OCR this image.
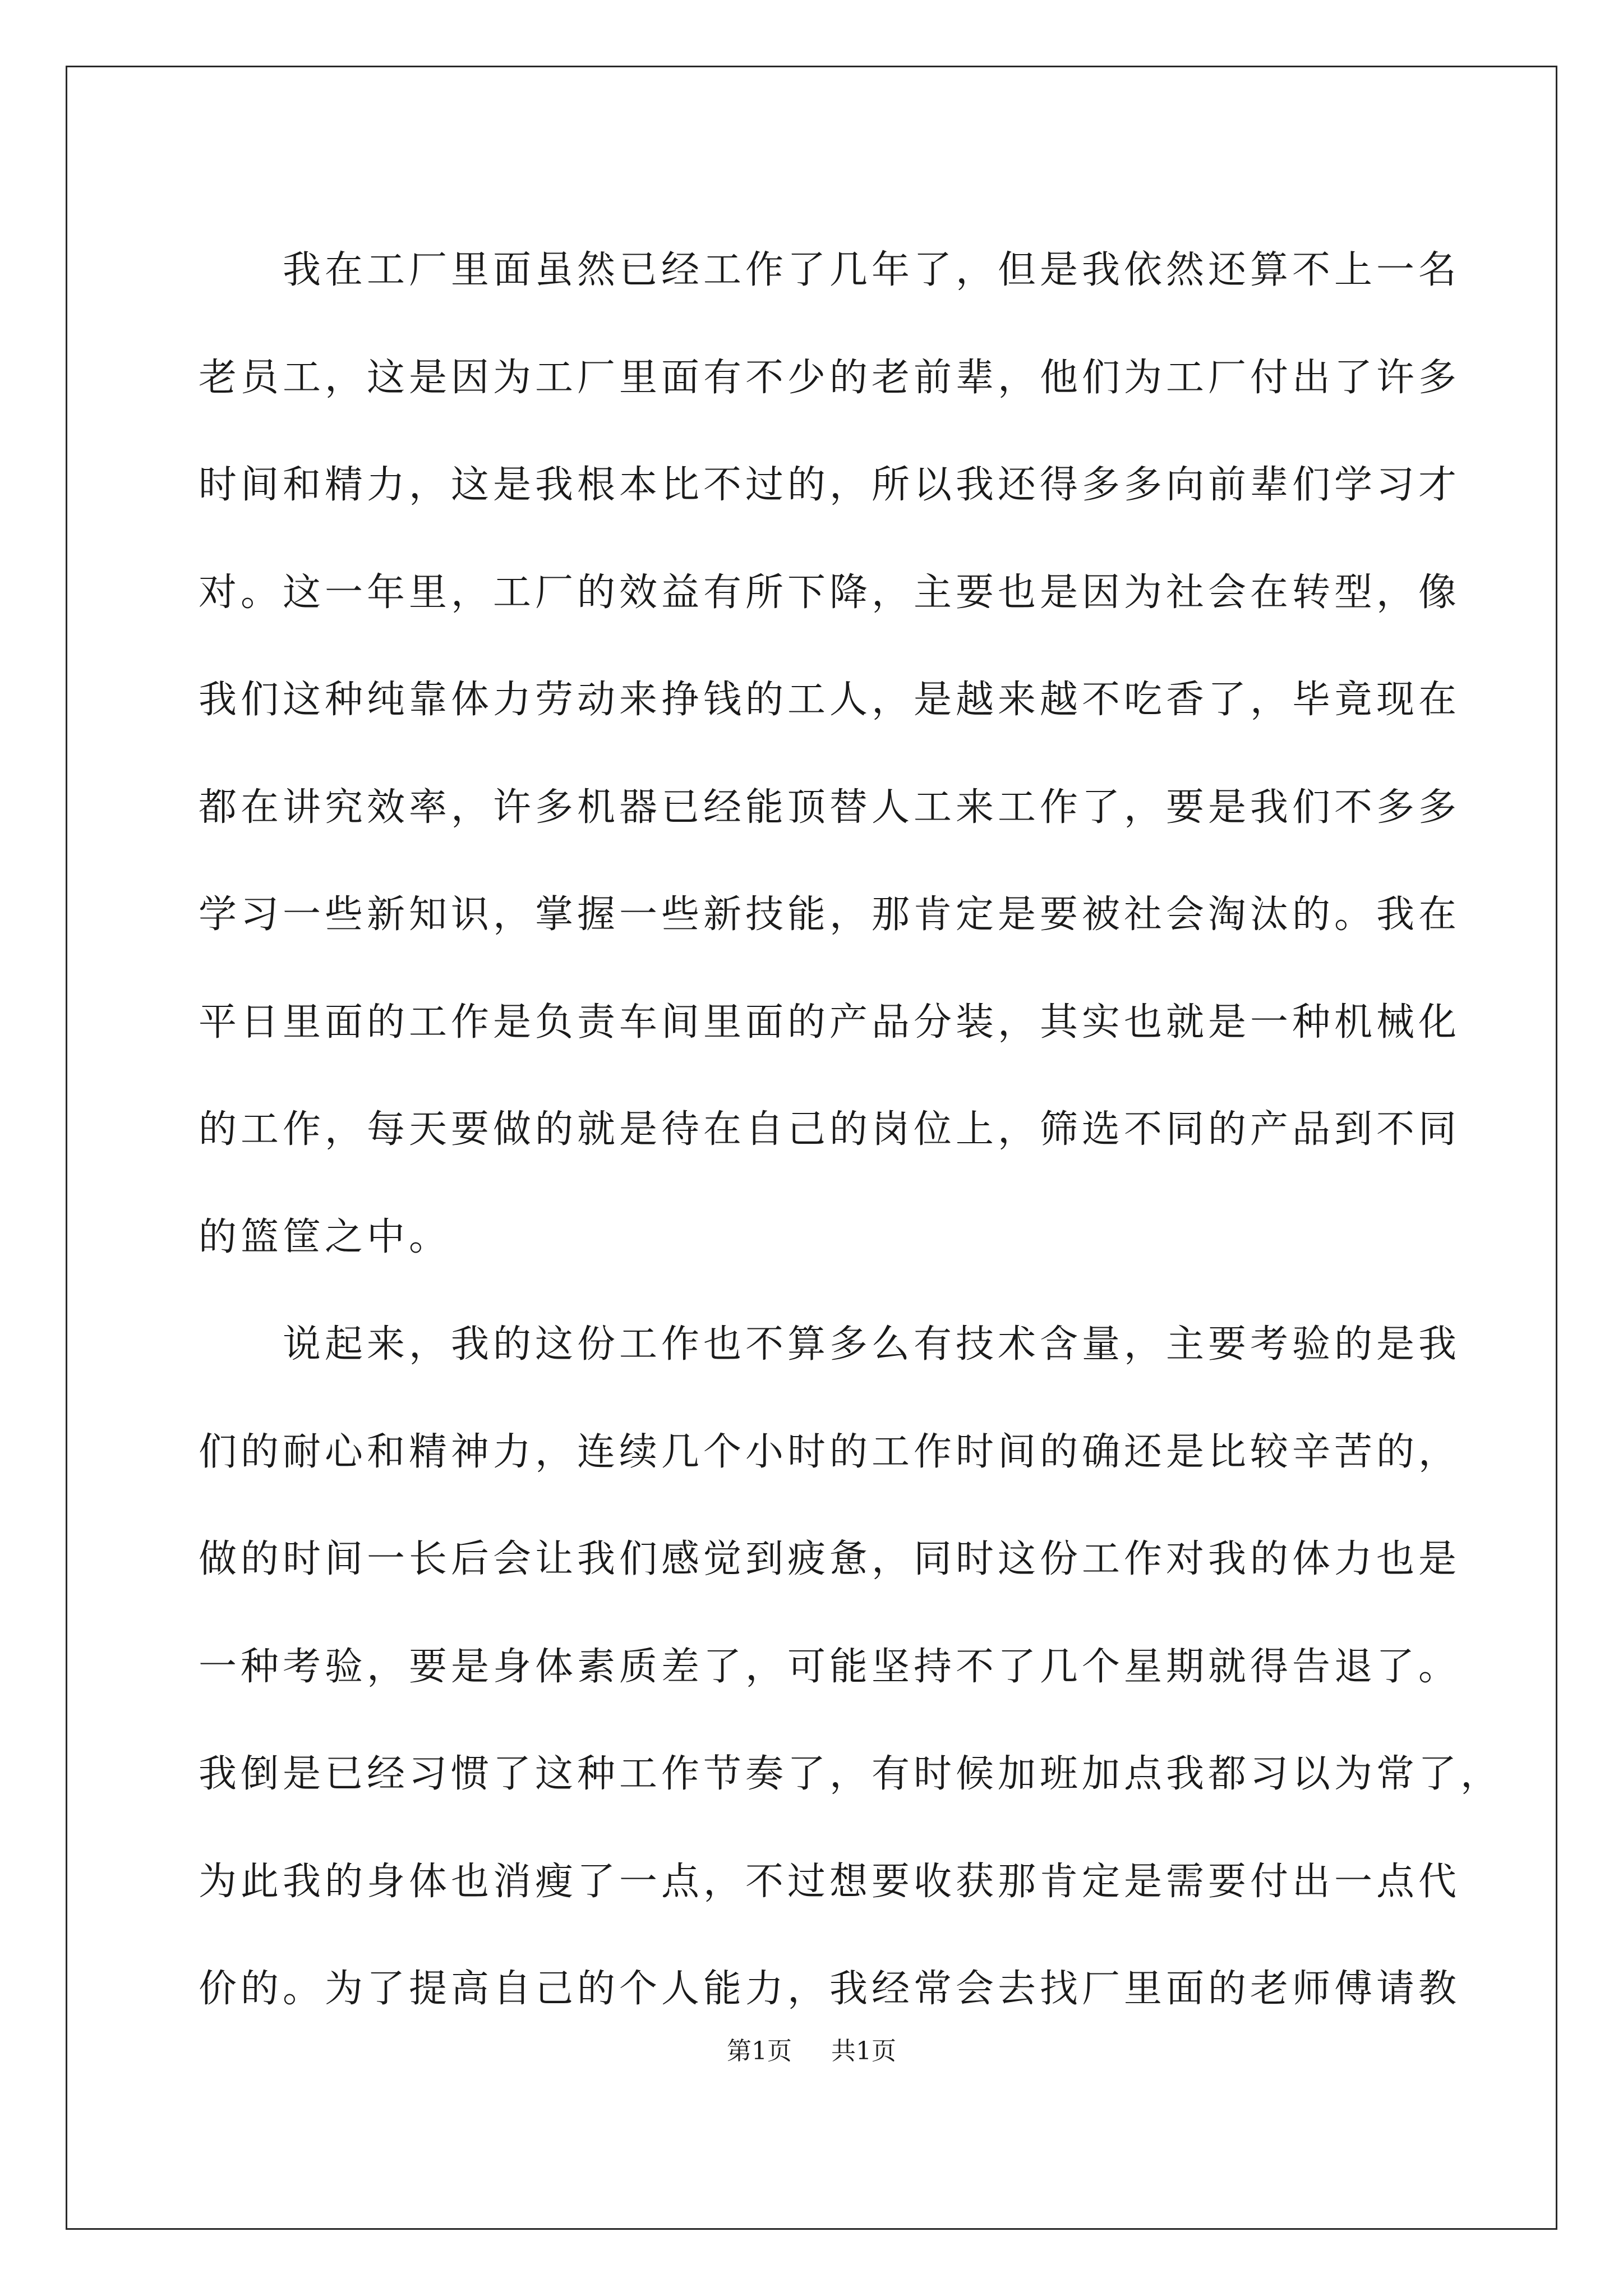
我在工厂里面虽然已经工作了几年了，但是我依然还算不上一名
老员工，这是因为工厂里面有不少的老前辈，他们为工厂付出了许多
时间和精力，这是我根本比不过的，所以我还得多多向前辈们学习才
对。这一年里，工厂的效益有所下降，主要也是因为社会在转型，像
我们这种纯靠体力劳动来挣钱的工人，是越来越不吃香了，毕竟现在
都在讲究效率，许多机器已经能顶替人工来工作了，要是我们不多多
学习一些新知识，掌握一些新技能，那肯定是要被社会淘汰的。我在
平日里面的工作是负责车间里面的产品分装，其实也就是一种机械化
的工作，每天要做的就是待在自己的岗位上，筛选不同的产品到不同
的篮筐之中。
说起来，我的这份工作也不算多么有技术含量，主要考验的是我
们的耐心和精神力，连续几个小时的工作时间的确还是比较辛苦的，
做的时间一长后会让我们感觉到疲惫，同时这份工作对我的体力也是
一种考验，要是身体素质差了，可能坚持不了几个星期就得告退了。
我倒是已经习惯了这种工作节奏了，有时候加班加点我都习以为常了，
为此我的身体也消瘦了一点，不过想要收获那肯定是需要付出一点代
价的。为了提高自己的个人能力，我经常会去找厂里面的老师傅请教
第1页 共1页
